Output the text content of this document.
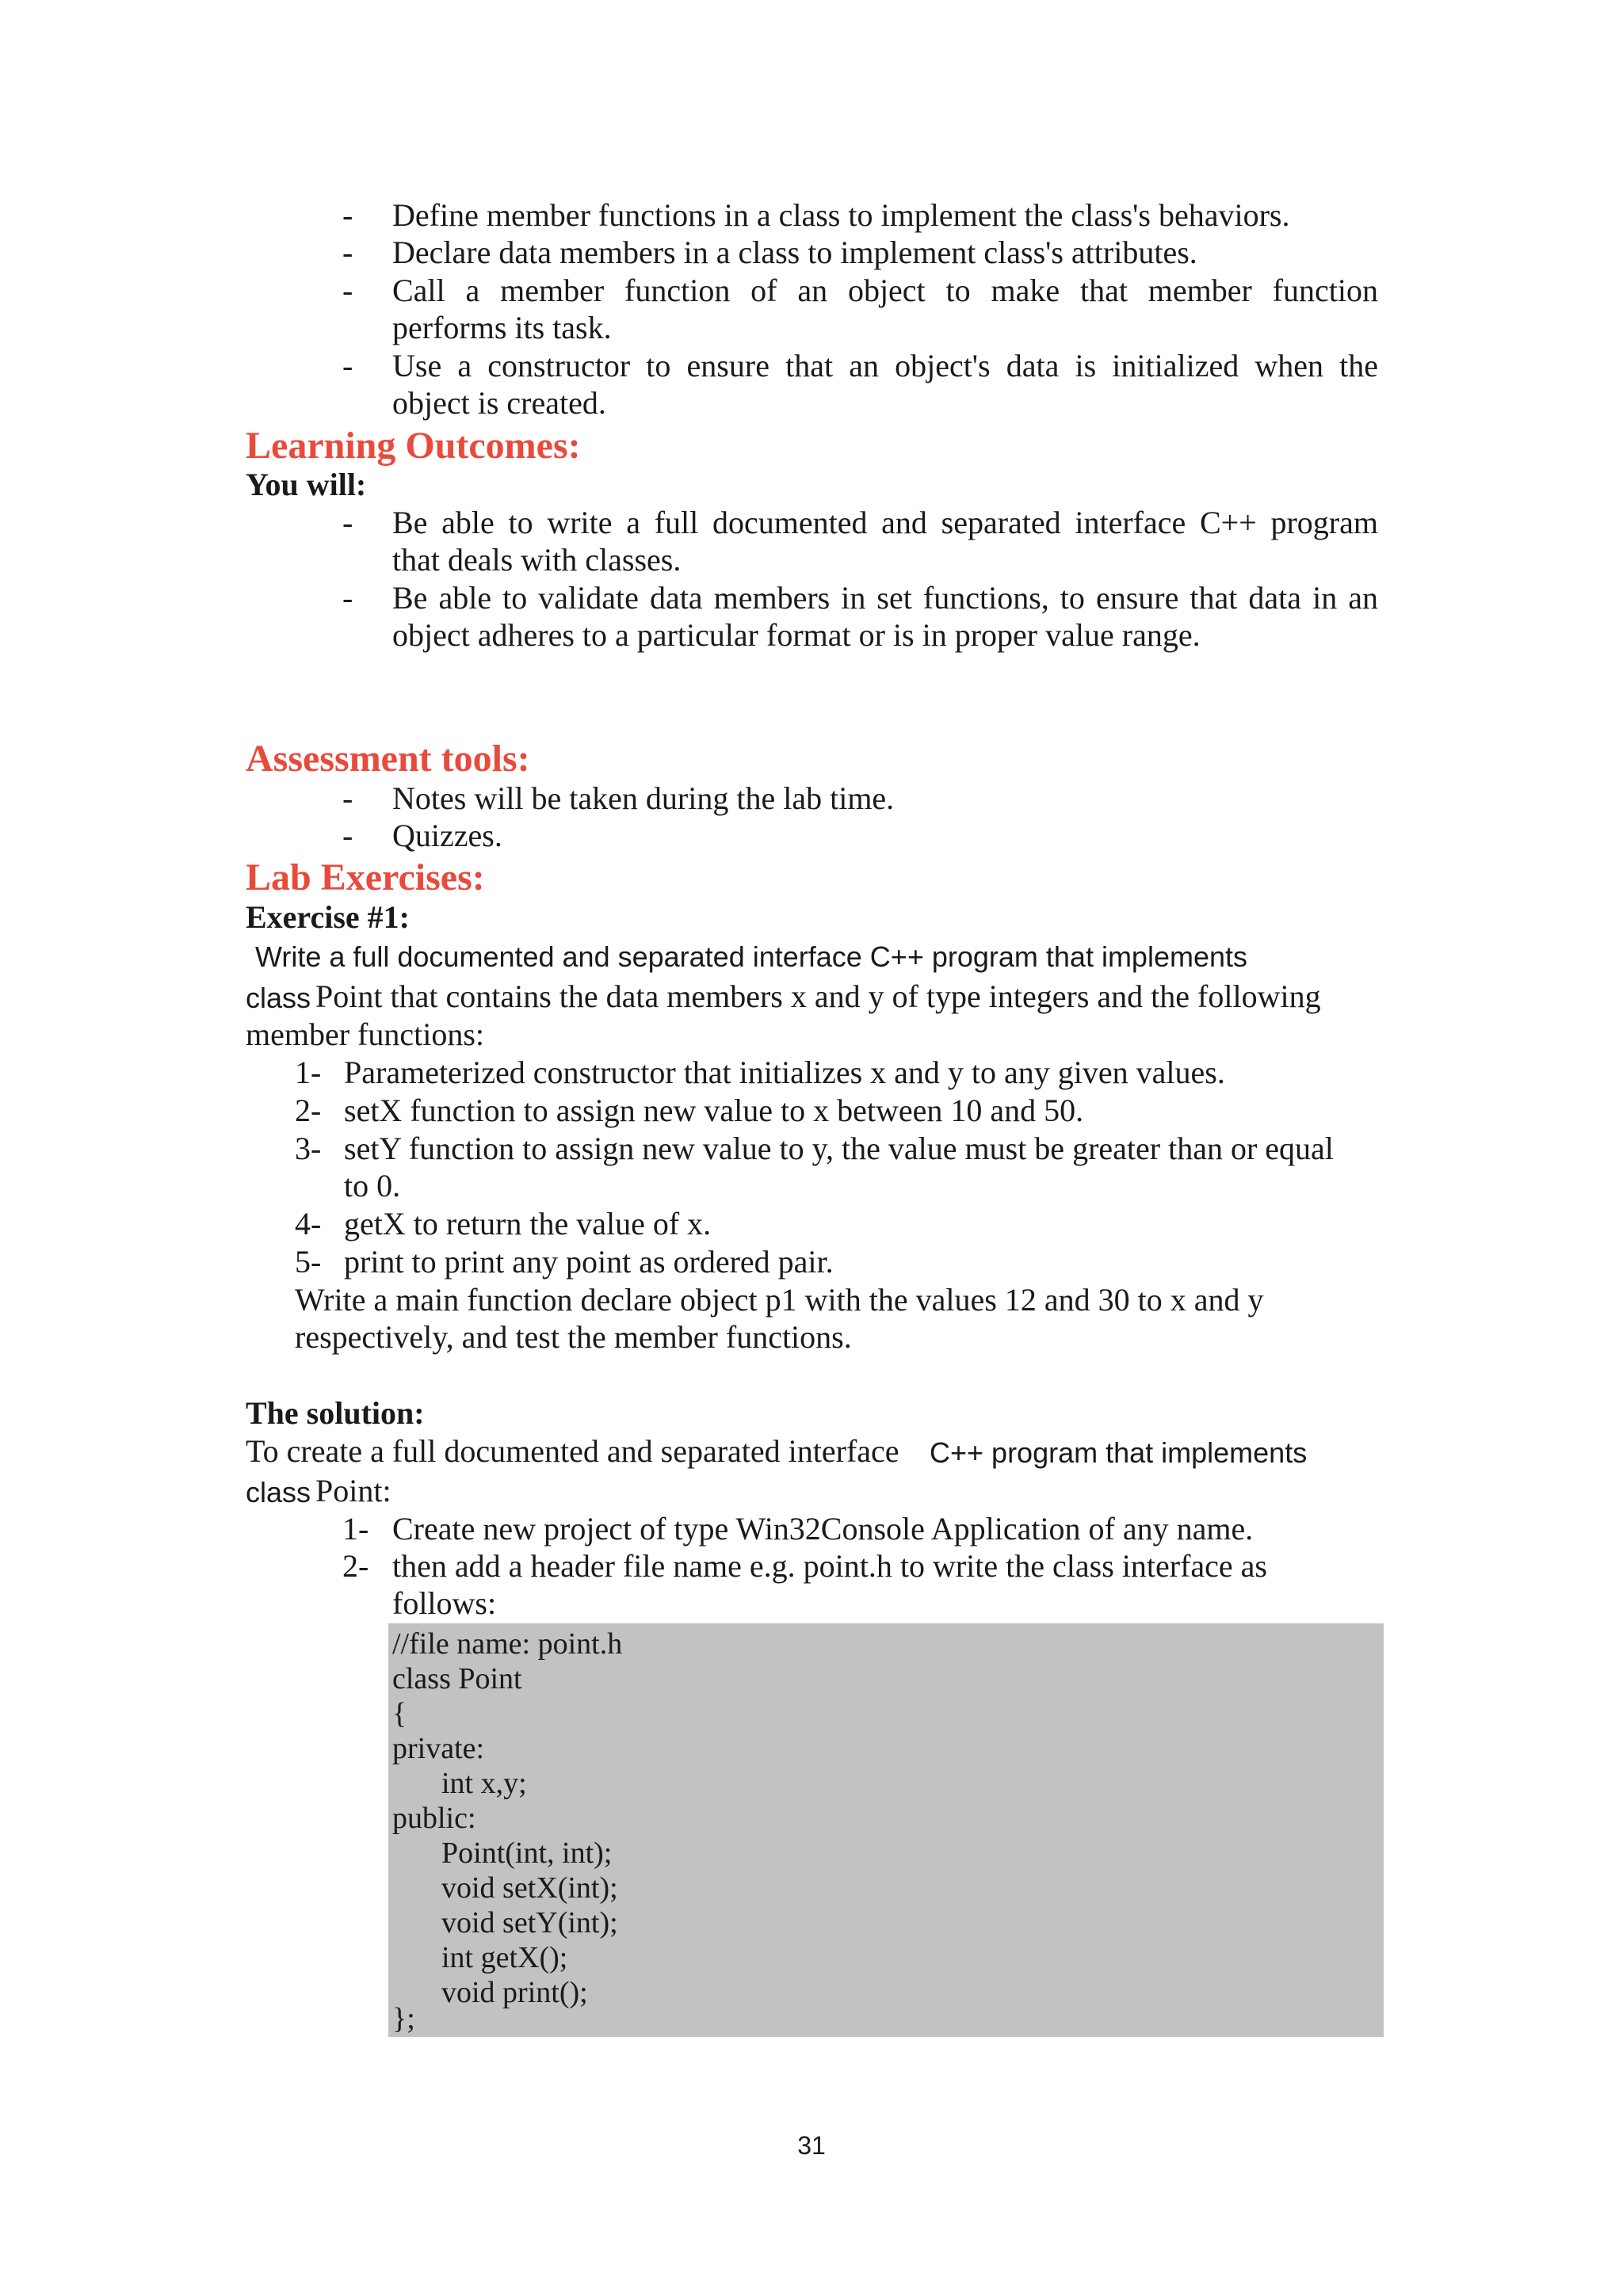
- Define member functions in a class to implement the class's behaviors.
- Declare data members in a class to implement class's attributes.
- Call a member function of an object to make that member function
performs its task.
- Use a constructor to ensure that an object's data is initialized when the
object is created.
Learning Outcomes:
You will:
- Be able to write a full documented and separated interface C++ program
that deals with classes.
- Be able to validate data members in set functions, to ensure that data in an
object adheres to a particular format or is in proper value range.
Assessment tools:
- Notes will be taken during the lab time.
- Quizzes.
Lab Exercises:
Exercise #1:
Write a full documented and separated interface C++ program that implements
class Point that contains the data members x and y of type integers and the following
member functions:
1- Parameterized constructor that initializes x and y to any given values.
2- setX function to assign new value to x between 10 and 50.
3- setY function to assign new value to y, the value must be greater than or equal
to 0.
4- getX to return the value of x.
5- print to print any point as ordered pair.
Write a main function declare object p1 with the values 12 and 30 to x and y
respectively, and test the member functions.
The solution:
To create a full documented and separated interface C++ program that implements
class Point:
1- Create new project of type Win32Console Application of any name.
2- then add a header file name e.g. point.h to write the class interface as
follows:
//file name: point.h
class Point
{
private:
int x,y;
public:
Point(int, int);
void setX(int);
void setY(int);
int getX();
void print();
};
31
